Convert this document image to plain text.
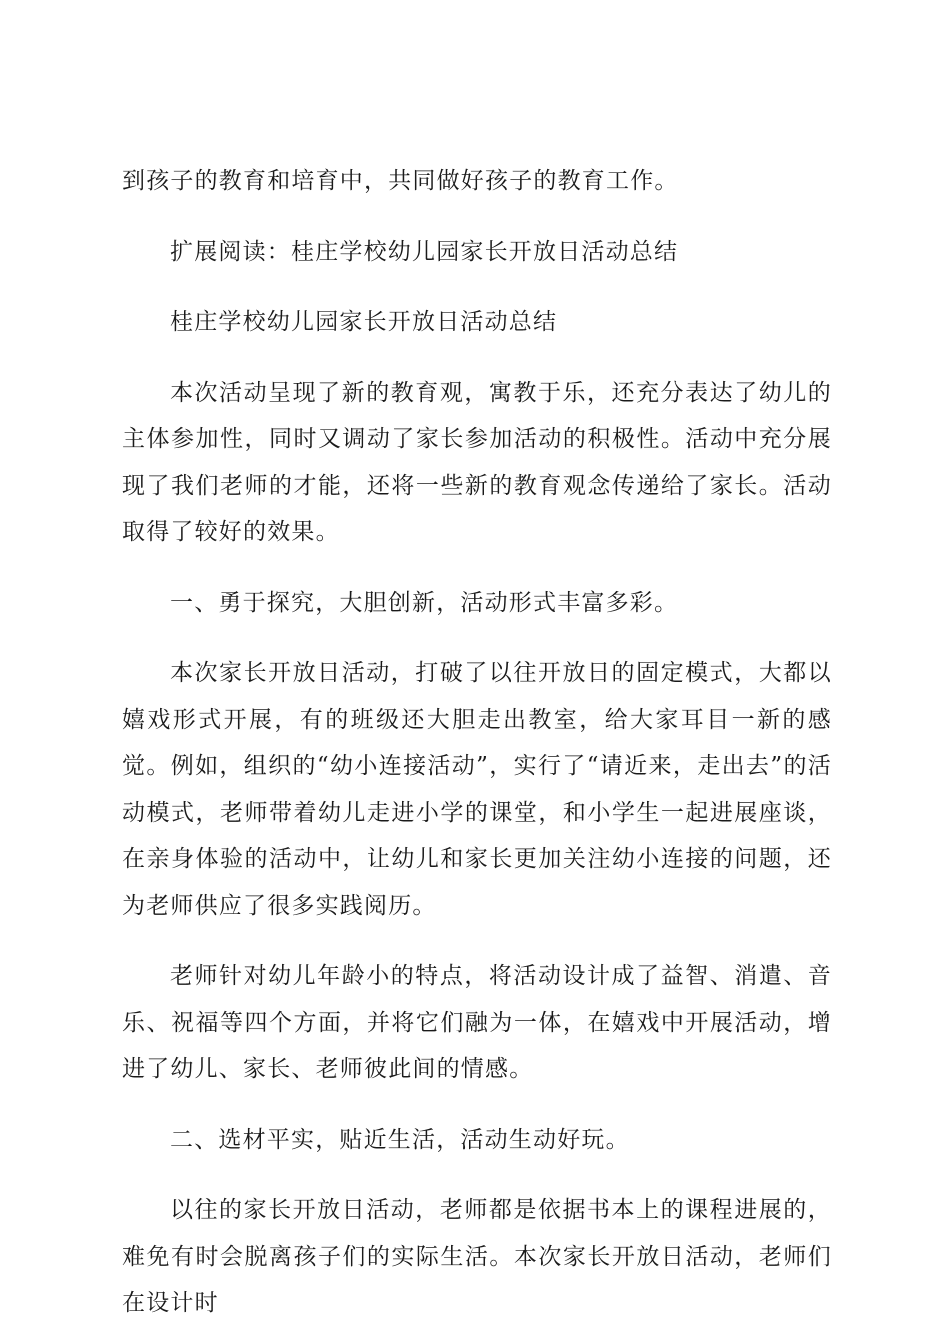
到孩子的教育和培育中，共同做好孩子的教育工作。

扩展阅读：桂庄学校幼儿园家长开放日活动总结

桂庄学校幼儿园家长开放日活动总结

本次活动呈现了新的教育观，寓教于乐，还充分表达了幼儿的主体参加性，同时又调动了家长参加活动的积极性。活动中充分展现了我们老师的才能，还将一些新的教育观念传递给了家长。活动取得了较好的效果。

一、勇于探究，大胆创新，活动形式丰富多彩。

本次家长开放日活动，打破了以往开放日的固定模式，大都以嬉戏形式开展，有的班级还大胆走出教室，给大家耳目一新的感觉。例如，组织的“幼小连接活动”，实行了“请近来，走出去”的活动模式，老师带着幼儿走进小学的课堂，和小学生一起进展座谈，在亲身体验的活动中，让幼儿和家长更加关注幼小连接的问题，还为老师供应了很多实践阅历。

老师针对幼儿年龄小的特点，将活动设计成了益智、消遣、音乐、祝福等四个方面，并将它们融为一体，在嬉戏中开展活动，增进了幼儿、家长、老师彼此间的情感。

二、选材平实，贴近生活，活动生动好玩。

以往的家长开放日活动，老师都是依据书本上的课程进展的，难免有时会脱离孩子们的实际生活。本次家长开放日活动，老师们在设计时
